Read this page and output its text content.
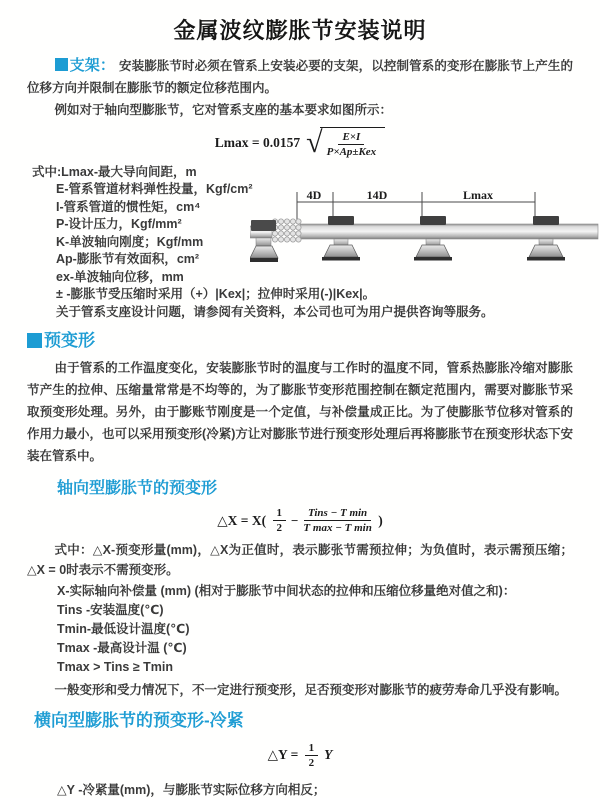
金属波纹膨胀节安装说明

支架： 安装膨胀节时必须在管系上安装必要的支架，以控制管系的变形在膨胀节上产生的位移方向并限制在膨胀节的额定位移范围内。

例如对于轴向型膨胀节，它对管系支座的基本要求如图所示：

Lmax = 0.0157 √ $\frac{E\times I}{\text{P×Ap±Kex}}$
式中:Lmax-最大导向间距，m
E-管系管道材料弹性投量，Kgf/cm²
I-管系管道的惯性矩，cm⁴
P-设计压力，Kgf/mm²
K-单波轴向刚度；Kgf/mm
Ap-膨胀节有效面积，cm²
ex-单波轴向位移，mm
± -膨胀节受压缩时采用（+）|Kex|；拉伸时采用(-)|Kex|。
关于管系支座设计问题，请参阅有关资料，本公司也可为用户提供咨询等服务。
4D	14D	Lmax
预变形

由于管系的工作温度变化，安装膨胀节时的温度与工作时的温度不同，管系热膨胀冷缩对膨胀节产生的拉伸、压缩量常常是不均等的，为了膨胀节变形范围控制在额定范围内，需要对膨胀节采取预变形处理。另外，由于膨账节刚度是一个定值，与补偿量成正比。为了使膨胀节位移对管系的作用力最小，也可以采用预变形(冷紧)方让对膨胀节进行预变形处理后再将膨胀节在预变形状态下安装在管系中。

轴向型膨胀节的预变形
△X = $X( \frac{1}{2} - \frac{\text{Tins − T min}}{\text{T max − T min}}$ )

式中：△X-预变形量(mm)，△X为正值时，表示膨张节需预拉伸；为负值时，表示需预压缩；△X = 0时表示不需预变形。

X-实际轴向补偿量 (mm) (相对于膨胀节中间状态的拉伸和压缩位移量绝对值之和)：
Tins -安装温度(℃)
Tmin-最低设计温度(℃)
Tmax -最高设计温 (℃)
Tmax > Tins ≥ Tmin

一般变形和受力情况下，不一定进行预变形，足否预变形对膨胀节的疲劳寿命几乎没有影响。

横向型膨胀节的预变形-冷紧
△Y = $\frac{1}{2}$ Y

△Y -冷紧量(mm)，与膨胀节实际位移方向相反；
